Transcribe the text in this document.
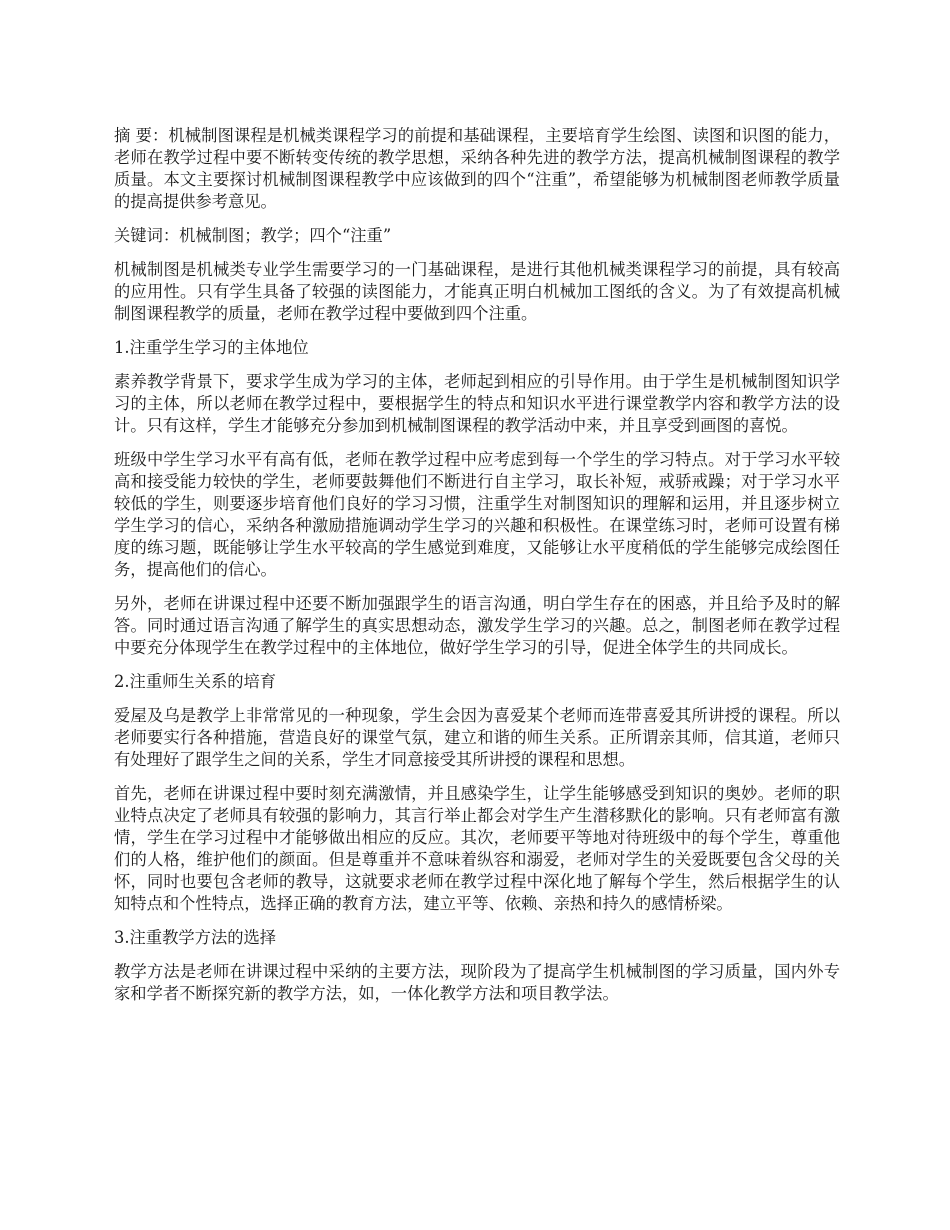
摘 要：机械制图课程是机械类课程学习的前提和基础课程，主要培育学生绘图、读图和识图的能力，老师在教学过程中要不断转变传统的教学思想，采纳各种先进的教学方法，提高机械制图课程的教学质量。本文主要探讨机械制图课程教学中应该做到的四个“注重”，希望能够为机械制图老师教学质量的提高提供参考意见。

关键词：机械制图；教学；四个“注重”

机械制图是机械类专业学生需要学习的一门基础课程，是进行其他机械类课程学习的前提，具有较高的应用性。只有学生具备了较强的读图能力，才能真正明白机械加工图纸的含义。为了有效提高机械制图课程教学的质量，老师在教学过程中要做到四个注重。

1.注重学生学习的主体地位

素养教学背景下，要求学生成为学习的主体，老师起到相应的引导作用。由于学生是机械制图知识学习的主体，所以老师在教学过程中，要根据学生的特点和知识水平进行课堂教学内容和教学方法的设计。只有这样，学生才能够充分参加到机械制图课程的教学活动中来，并且享受到画图的喜悦。

班级中学生学习水平有高有低，老师在教学过程中应考虑到每一个学生的学习特点。对于学习水平较高和接受能力较快的学生，老师要鼓舞他们不断进行自主学习，取长补短，戒骄戒躁；对于学习水平较低的学生，则要逐步培育他们良好的学习习惯，注重学生对制图知识的理解和运用，并且逐步树立学生学习的信心，采纳各种激励措施调动学生学习的兴趣和积极性。在课堂练习时，老师可设置有梯度的练习题，既能够让学生水平较高的学生感觉到难度，又能够让水平度稍低的学生能够完成绘图任务，提高他们的信心。

另外，老师在讲课过程中还要不断加强跟学生的语言沟通，明白学生存在的困惑，并且给予及时的解答。同时通过语言沟通了解学生的真实思想动态，激发学生学习的兴趣。总之，制图老师在教学过程中要充分体现学生在教学过程中的主体地位，做好学生学习的引导，促进全体学生的共同成长。

2.注重师生关系的培育

爱屋及乌是教学上非常常见的一种现象，学生会因为喜爱某个老师而连带喜爱其所讲授的课程。所以老师要实行各种措施，营造良好的课堂气氛，建立和谐的师生关系。正所谓亲其师，信其道，老师只有处理好了跟学生之间的关系，学生才同意接受其所讲授的课程和思想。

首先，老师在讲课过程中要时刻充满激情，并且感染学生，让学生能够感受到知识的奥妙。老师的职业特点决定了老师具有较强的影响力，其言行举止都会对学生产生潜移默化的影响。只有老师富有激情，学生在学习过程中才能够做出相应的反应。其次，老师要平等地对待班级中的每个学生，尊重他们的人格，维护他们的颜面。但是尊重并不意味着纵容和溺爱，老师对学生的关爱既要包含父母的关怀，同时也要包含老师的教导，这就要求老师在教学过程中深化地了解每个学生，然后根据学生的认知特点和个性特点，选择正确的教育方法，建立平等、依赖、亲热和持久的感情桥梁。

3.注重教学方法的选择

教学方法是老师在讲课过程中采纳的主要方法，现阶段为了提高学生机械制图的学习质量，国内外专家和学者不断探究新的教学方法，如，一体化教学方法和项目教学法。
